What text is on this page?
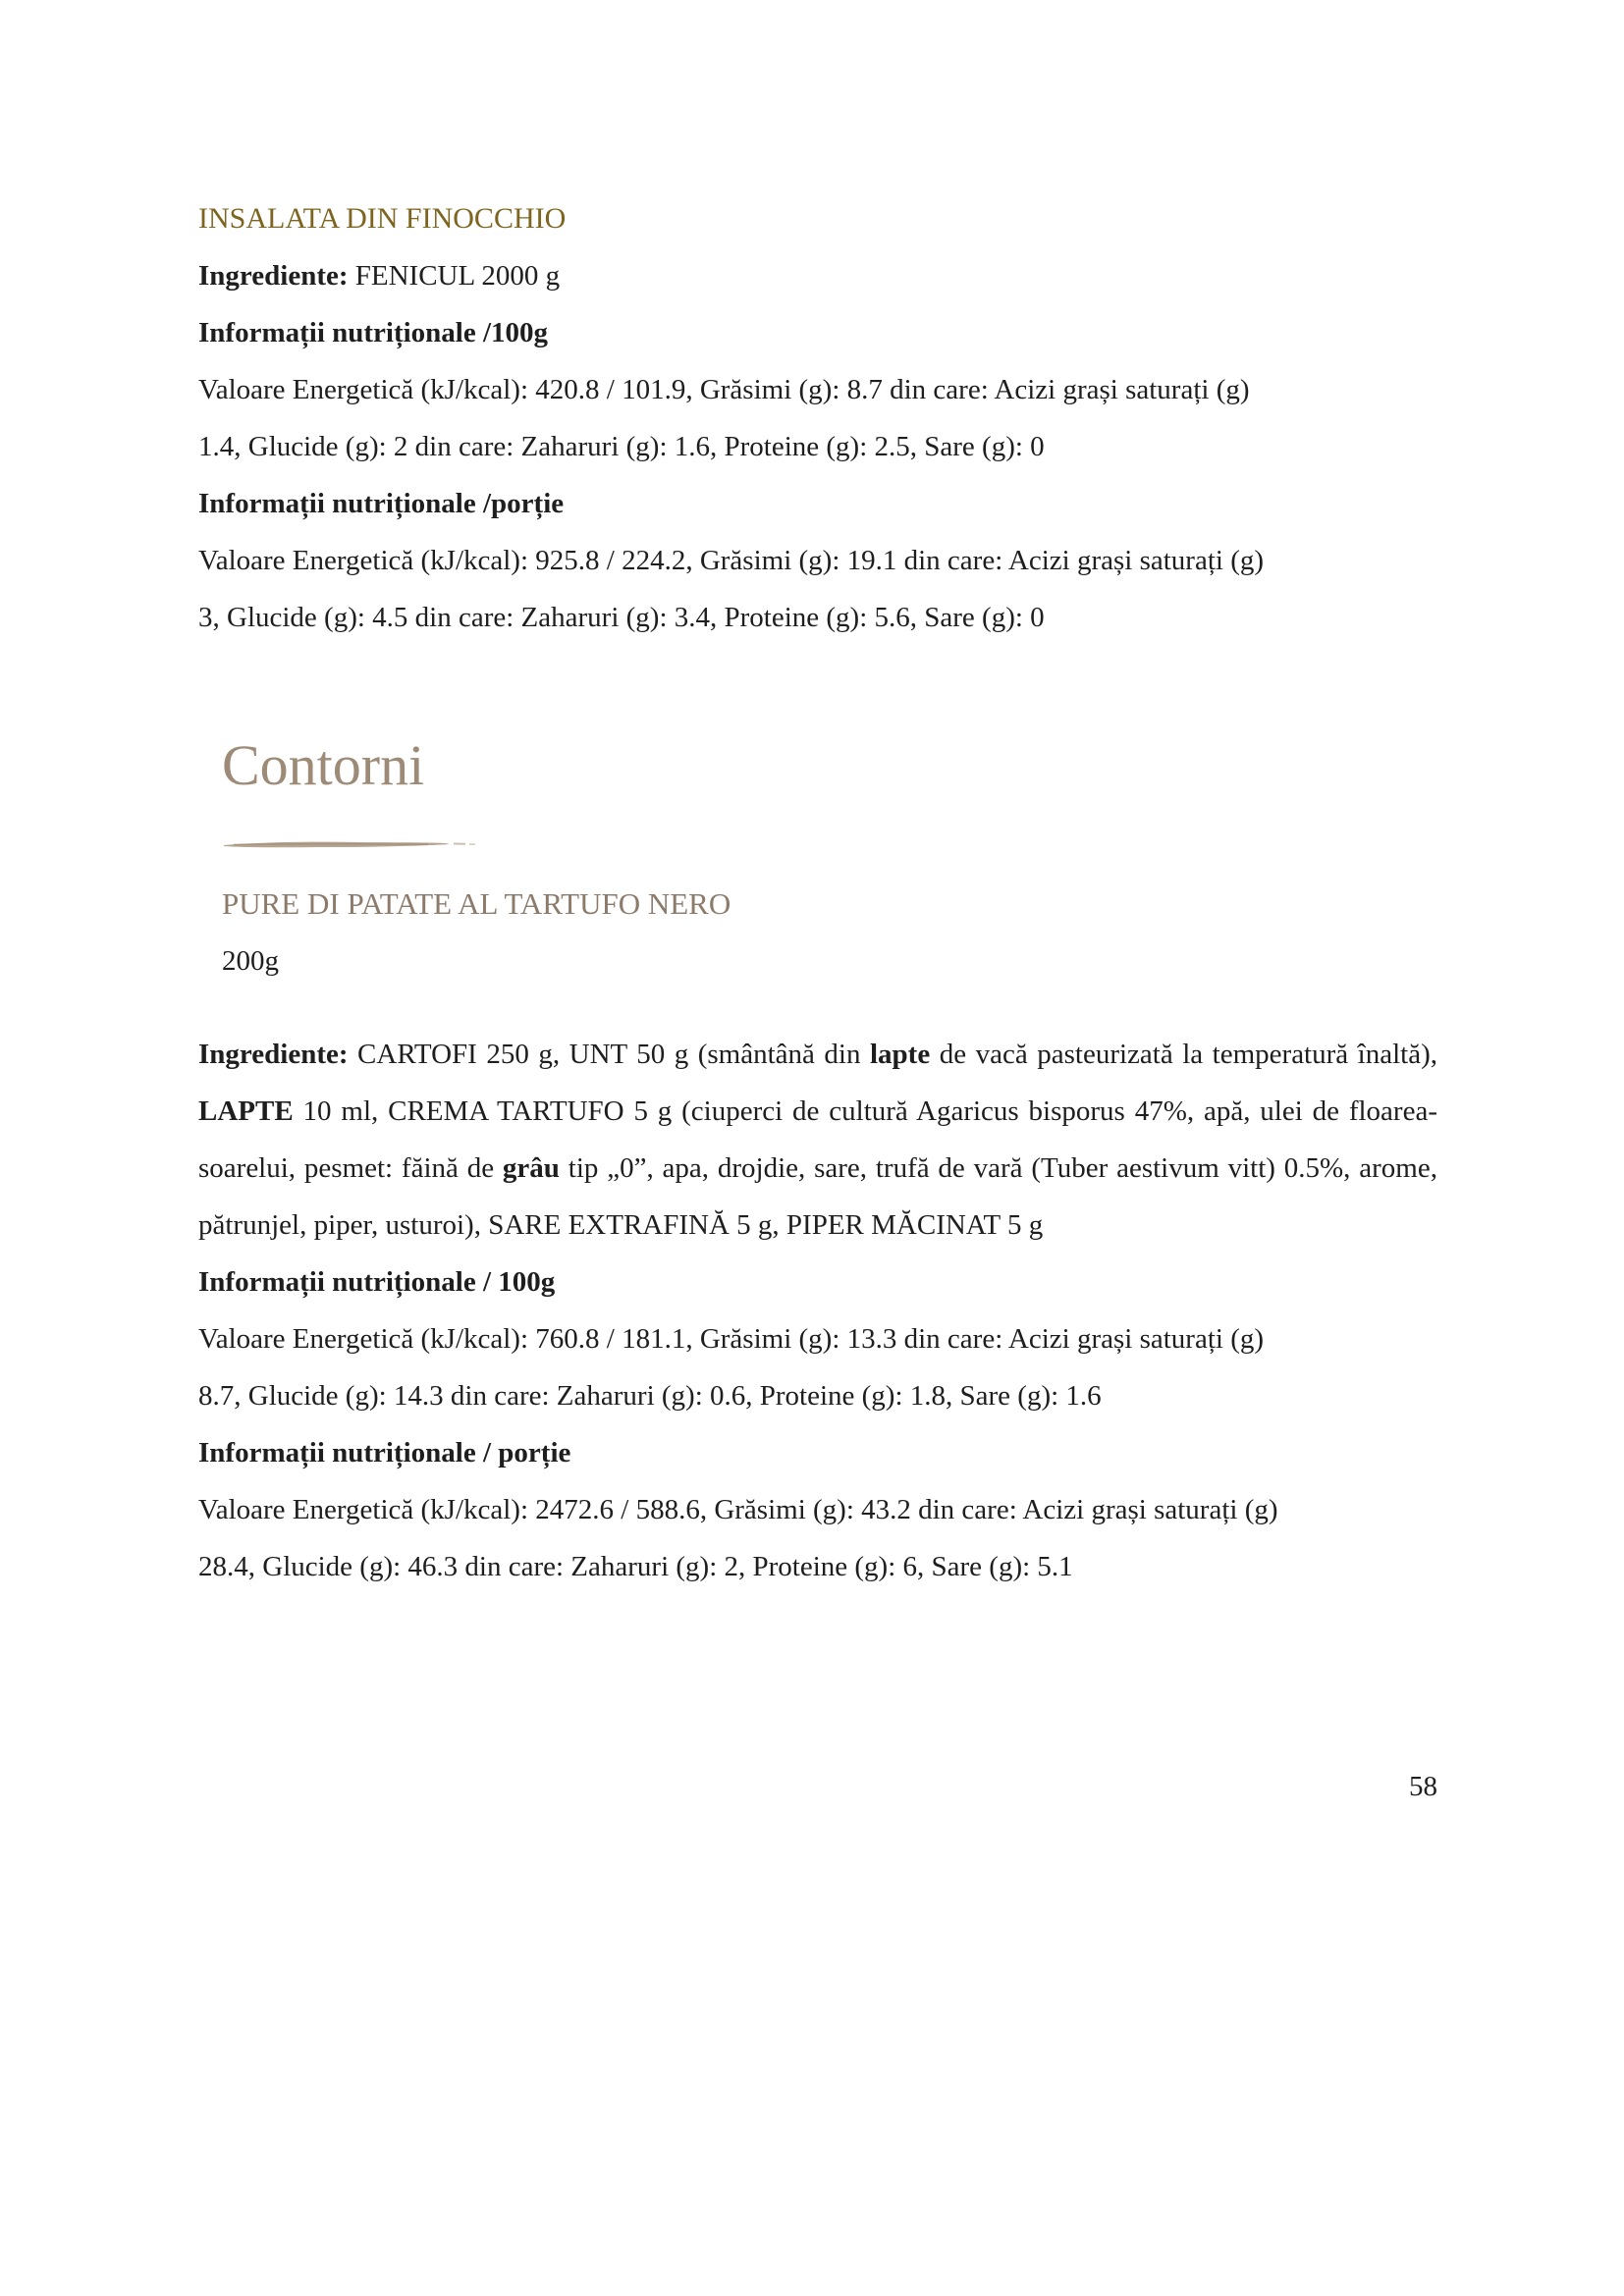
INSALATA DIN FINOCCHIO

Ingrediente: FENICUL 2000 g

Informații nutriționale /100g

Valoare Energetică (kJ/kcal): 420.8 / 101.9, Grăsimi (g): 8.7 din care: Acizi grași saturați (g)

1.4, Glucide (g): 2 din care: Zaharuri (g): 1.6, Proteine (g): 2.5, Sare (g): 0

Informații nutriționale /porție

Valoare Energetică (kJ/kcal): 925.8 / 224.2, Grăsimi (g): 19.1 din care: Acizi grași saturați (g)

3, Glucide (g): 4.5 din care: Zaharuri (g): 3.4, Proteine (g): 5.6, Sare (g): 0

Contorni

PURE DI PATATE AL TARTUFO NERO

200g

Ingrediente: CARTOFI 250 g, UNT 50 g (smântână din lapte de vacă pasteurizată la temperatură înaltă), LAPTE 10 ml, CREMA TARTUFO 5 g (ciuperci de cultură Agaricus bisporus 47%, apă, ulei de floarea-soarelui, pesmet: făină de grâu tip „0”, apa, drojdie, sare, trufă de vară (Tuber aestivum vitt) 0.5%, arome, pătrunjel, piper, usturoi), SARE EXTRAFINĂ 5 g, PIPER MĂCINAT 5 g

Informații nutriționale / 100g

Valoare Energetică (kJ/kcal): 760.8 / 181.1, Grăsimi (g): 13.3 din care: Acizi grași saturați (g)

8.7, Glucide (g): 14.3 din care: Zaharuri (g): 0.6, Proteine (g): 1.8, Sare (g): 1.6

Informații nutriționale / porție

Valoare Energetică (kJ/kcal): 2472.6 / 588.6, Grăsimi (g): 43.2 din care: Acizi grași saturați (g)

28.4, Glucide (g): 46.3 din care: Zaharuri (g): 2, Proteine (g): 6, Sare (g): 5.1

58
